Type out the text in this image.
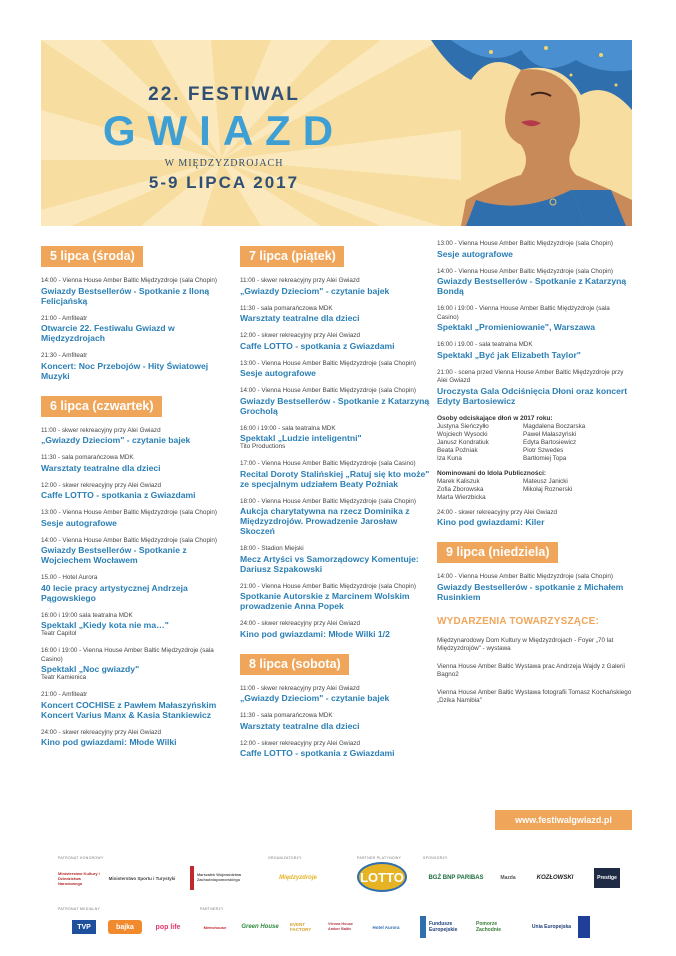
22. FESTIWAL
GWIAZD
W MIĘDZYZDROJACH
5-9 LIPCA 2017
5 lipca (środa)
14:00 - Vienna House Amber Baltic Międzyzdroje (sala Chopin)
Gwiazdy Bestsellerów - Spotkanie z Iloną Felicjańską
21:00 - Amfiteatr
Otwarcie 22. Festiwalu Gwiazd w Międzyzdrojach
21:30 - Amfiteatr
Koncert: Noc Przebojów - Hity Światowej Muzyki
6 lipca (czwartek)
11:00 - skwer rekreacyjny przy Alei Gwiazd
„Gwiazdy Dzieciom" - czytanie bajek
11:30 - sala pomarańczowa MDK
Warsztaty teatralne dla dzieci
12:00 - skwer rekreacyjny przy Alei Gwiazd
Caffe LOTTO - spotkania z Gwiazdami
13:00 - Vienna House Amber Baltic Międzyzdroje (sala Chopin)
Sesje autografowe
14:00 - Vienna House Amber Baltic Międzyzdroje (sala Chopin)
Gwiazdy Bestsellerów - Spotkanie z Wojciechem Wocławem
15.00 - Hotel Aurora
40 lecie pracy artystycznej Andrzeja Pągowskiego
16:00 i 19:00 sala teatralna MDK
Spektakl „Kiedy kota nie ma…"
Teatr Capitol
16:00 i 19:00 - Vienna House Amber Baltic Międzyzdroje (sala Casino)
Spektakl „Noc gwiazdy"
Teatr Kamienica
21:00 - Amfiteatr
Koncert COCHISE z Pawłem Małaszyńskim Koncert Varius Manx & Kasia Stankiewicz
24:00 - skwer rekreacyjny przy Alei Gwiazd
Kino pod gwiazdami: Młode Wilki
7 lipca (piątek)
11:00 - skwer rekreacyjny przy Alei Gwiazd
„Gwiazdy Dzieciom" - czytanie bajek
11:30 - sala pomarańczowa MDK
Warsztaty teatralne dla dzieci
12:00 - skwer rekreacyjny przy Alei Gwiazd
Caffe LOTTO - spotkania z Gwiazdami
13:00 - Vienna House Amber Baltic Międzyzdroje (sala Chopin)
Sesje autografowe
14:00 - Vienna House Amber Baltic Międzyzdroje (sala Chopin)
Gwiazdy Bestsellerów - Spotkanie z Katarzyną Grocholą
16:00 i 19:00 - sala teatralna MDK
Spektakl „Ludzie inteligentni"
Tito Productions
17:00 - Vienna House Amber Baltic Międzyzdroje (sala Casino)
Recital Doroty Stalińskiej „Ratuj się kto może" ze specjalnym udziałem Beaty Poźniak
18:00 - Vienna House Amber Baltic Międzyzdroje (sala Chopin)
Aukcja charytatywna na rzecz Dominika z Międzyzdrojów. Prowadzenie Jarosław Skoczeń
18:00 - Stadion Miejski
Mecz Artyści vs Samorządowcy Komentuje: Dariusz Szpakowski
21:00 - Vienna House Amber Baltic Międzyzdroje (sala Chopin)
Spotkanie Autorskie z Marcinem Wolskim prowadzenie Anna Popek
24:00 - skwer rekreacyjny przy Alei Gwiazd
Kino pod gwiazdami: Młode Wilki 1/2
8 lipca (sobota)
11:00 - skwer rekreacyjny przy Alei Gwiazd
„Gwiazdy Dzieciom" - czytanie bajek
11:30 - sala pomarańczowa MDK
Warsztaty teatralne dla dzieci
12:00 - skwer rekreacyjny przy Alei Gwiazd
Caffe LOTTO - spotkania z Gwiazdami
13:00 - Vienna House Amber Baltic Międzyzdroje (sala Chopin)
Sesje autografowe
14:00 - Vienna House Amber Baltic Międzyzdroje (sala Chopin)
Gwiazdy Bestsellerów - Spotkanie z Katarzyną Bondą
16:00 i 19:00 - Vienna House Amber Baltic Międzyzdroje (sala Casino)
Spektakl „Promieniowanie", Warszawa
16:00 i 19.00 - sala teatralna MDK
Spektakl „Być jak Elizabeth Taylor"
21:00 - scena przed Vienna House Amber Baltic Międzyzdroje przy Alei Gwiazd
Uroczysta Gala Odciśnięcia Dłoni oraz koncert Edyty Bartosiewicz
Osoby odciskające dłoń w 2017 roku:
Justyna Sieńczyłło	Magdalena Boczarska
Wojciech Wysocki	Paweł Małaszyński
Janusz Kondratiuk	Edyta Bartosiewicz
Beata Poźniak	Piotr Szwedes
Iza Kuna	Bartłomiej Topa
Nominowani do Idola Publiczności:
Marek Kaliszuk	Mateusz Janicki
Zofia Zborowska	Mikołaj Roznerski
Marta Wierzbicka
24:00 - skwer rekreacyjny przy Alei Gwiazd
Kino pod gwiazdami: Kiler
9 lipca (niedziela)
14:00 - Vienna House Amber Baltic Międzyzdroje (sala Chopin)
Gwiazdy Bestsellerów - spotkanie z Michałem Rusinkiem
WYDARZENIA TOWARZYSZĄCE:
Międzynarodowy Dom Kultury w Międzyzdrojach - Foyer „70 lat Międzyzdrojów" - wystawa
Vienna House Amber Baltic Wystawa prac Andrzeja Wajdy z Galerii Bagno2
Vienna House Amber Baltic Wystawa fotografii Tomasz Kochańskiego „Dzika Namibia"
www.festiwalgwiazd.pl
PATRONAT HONOROWY	ORGANIZATORZY	PARTNER PLATYNOWY	SPONSORZY
Ministerstwo Kultury i Dziedzictwa Narodowego
Ministerstwo Sportu i Turystyki
Marszałek Województwa Zachodniopomorskiego	Międzyzdroje	LOTTO	BGŻ BNP PARIBAS	Mazda	KOZŁOWSKI	Prestige
PATRONAT MEDIALNY	PARTNERZY
TVP	bajka	pop life	Metrohouse	Green House	EVENT FACTORY
Vienna House Amber Baltic	Hotel Aurora	Fundusze Europejskie
Pomorze Zachodnie	Unia Europejska
